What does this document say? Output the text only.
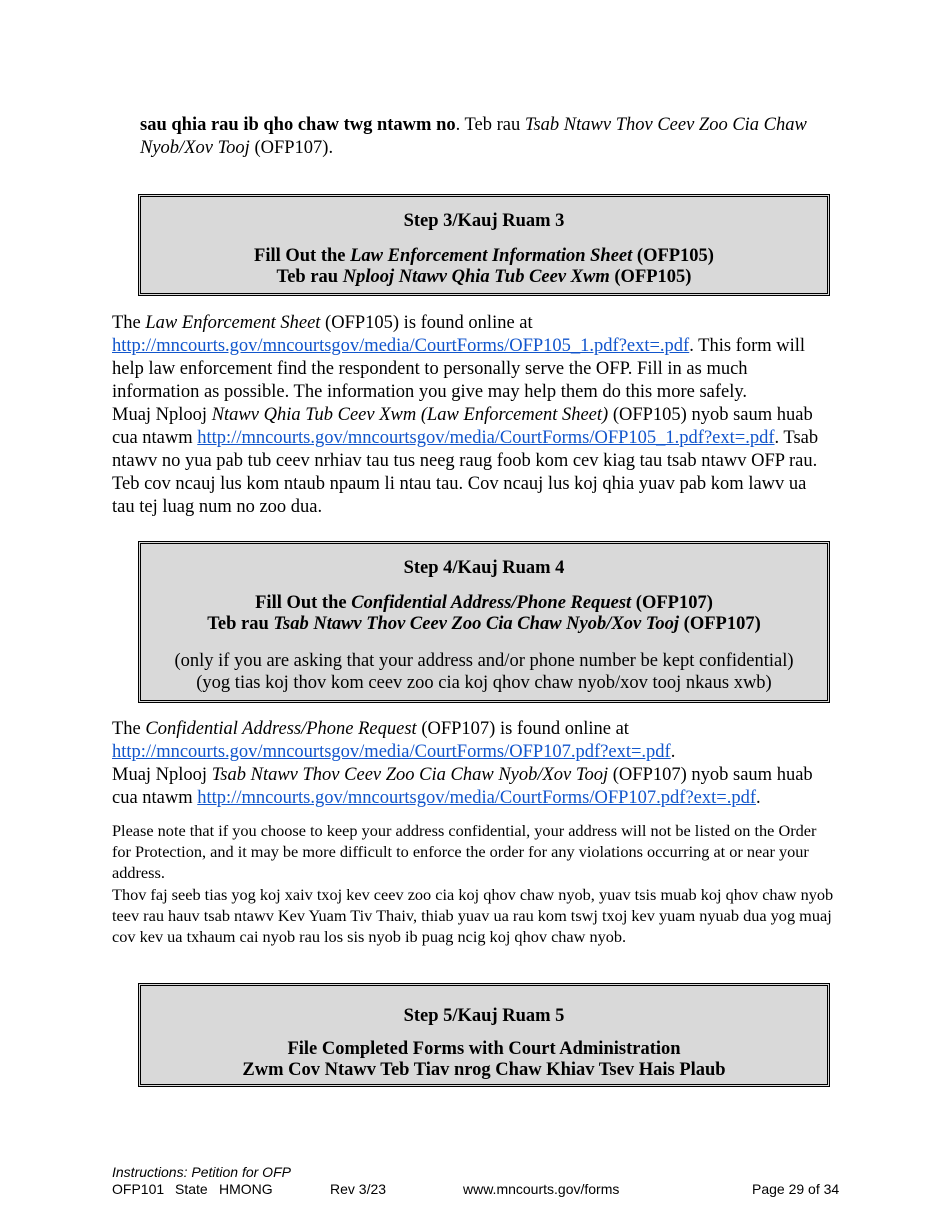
sau qhia rau ib qho chaw twg ntawm no. Teb rau Tsab Ntawv Thov Ceev Zoo Cia Chaw Nyob/Xov Tooj (OFP107).
Step 3/Kauj Ruam 3
Fill Out the Law Enforcement Information Sheet (OFP105)
Teb rau Nplooj Ntawv Qhia Tub Ceev Xwm (OFP105)
The Law Enforcement Sheet (OFP105) is found online at
http://mncourts.gov/mncourtsgov/media/CourtForms/OFP105_1.pdf?ext=.pdf. This form will help law enforcement find the respondent to personally serve the OFP. Fill in as much information as possible. The information you give may help them do this more safely.
Muaj Nplooj Ntawv Qhia Tub Ceev Xwm (Law Enforcement Sheet) (OFP105) nyob saum huab cua ntawm http://mncourts.gov/mncourtsgov/media/CourtForms/OFP105_1.pdf?ext=.pdf. Tsab ntawv no yua pab tub ceev nrhiav tau tus neeg raug foob kom cev kiag tau tsab ntawv OFP rau. Teb cov ncauj lus kom ntaub npaum li ntau tau. Cov ncauj lus koj qhia yuav pab kom lawv ua tau tej luag num no zoo dua.
Step 4/Kauj Ruam 4
Fill Out the Confidential Address/Phone Request (OFP107)
Teb rau Tsab Ntawv Thov Ceev Zoo Cia Chaw Nyob/Xov Tooj (OFP107)
(only if you are asking that your address and/or phone number be kept confidential)
(yog tias koj thov kom ceev zoo cia koj qhov chaw nyob/xov tooj nkaus xwb)
The Confidential Address/Phone Request (OFP107) is found online at
http://mncourts.gov/mncourtsgov/media/CourtForms/OFP107.pdf?ext=.pdf.
Muaj Nplooj Tsab Ntawv Thov Ceev Zoo Cia Chaw Nyob/Xov Tooj (OFP107) nyob saum huab cua ntawm http://mncourts.gov/mncourtsgov/media/CourtForms/OFP107.pdf?ext=.pdf.
Please note that if you choose to keep your address confidential, your address will not be listed on the Order for Protection, and it may be more difficult to enforce the order for any violations occurring at or near your address.
Thov faj seeb tias yog koj xaiv txoj kev ceev zoo cia koj qhov chaw nyob, yuav tsis muab koj qhov chaw nyob teev rau hauv tsab ntawv Kev Yuam Tiv Thaiv, thiab yuav ua rau kom tswj txoj kev yuam nyuab dua yog muaj cov kev ua txhaum cai nyob rau los sis nyob ib puag ncig koj qhov chaw nyob.
Step 5/Kauj Ruam 5
File Completed Forms with Court Administration
Zwm Cov Ntawv Teb Tiav nrog Chaw Khiav Tsev Hais Plaub
Instructions: Petition for OFP
OFP101 State HMONG	Rev 3/23	www.mncourts.gov/forms	Page 29 of 34
